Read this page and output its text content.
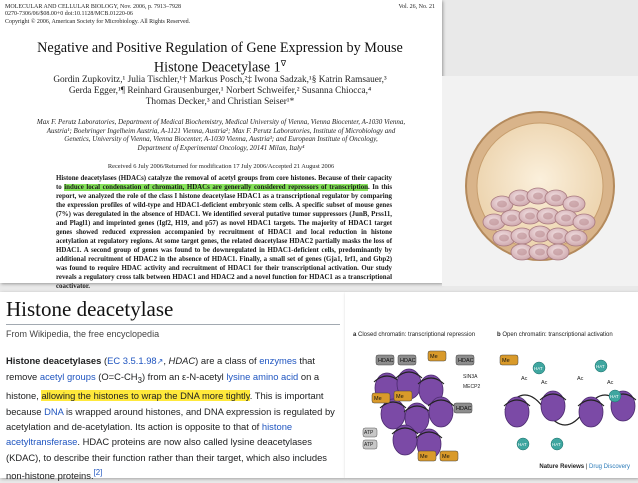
MOLECULAR AND CELLULAR BIOLOGY, Nov. 2006, p. 7913–7928
0270-7306/06/$08.00+0 doi:10.1128/MCB.01220-06
Copyright © 2006, American Society for Microbiology. All Rights Reserved.
Vol. 26, No. 21
Negative and Positive Regulation of Gene Expression by Mouse
Histone Deacetylase 1∇
Gordin Zupkovitz,¹ Julia Tischler,¹† Markus Posch,²‡ Iwona Sadzak,¹§ Katrin Ramsauer,³
Gerda Egger,¹¶ Reinhard Grausenburger,¹ Norbert Schweifer,² Susanna Chiocca,⁴
Thomas Decker,³ and Christian Seiser¹*
Max F. Perutz Laboratories, Department of Medical Biochemistry, Medical University of Vienna, Vienna Biocenter, A-1030 Vienna,
Austria¹; Boehringer Ingelheim Austria, A-1121 Vienna, Austria²; Max F. Perutz Laboratories, Institute of Microbiology and
Genetics, University of Vienna, Vienna Biocenter, A-1030 Vienna, Austria³; and European Institute of Oncology,
Department of Experimental Oncology, 20141 Milan, Italy⁴
Received 6 July 2006/Returned for modification 17 July 2006/Accepted 21 August 2006
Histone deacetylases (HDACs) catalyze the removal of acetyl groups from core histones. Because of their capacity to induce local condensation of chromatin, HDACs are generally considered repressors of transcription. In this report, we analyzed the role of the class I histone deacetylase HDAC1 as a transcriptional regulator by comparing the expression profiles of wild-type and HDAC1-deficient embryonic stem cells. A specific subset of mouse genes (7%) was deregulated in the absence of HDAC1. We identified several putative tumor suppressors (JunB, Prss11, and Plagl1) and imprinted genes (Igf2, H19, and p57) as novel HDAC1 targets. The majority of HDAC1 target genes showed reduced expression accompanied by recruitment of HDAC1 and local reduction in histone acetylation at regulatory regions. At some target genes, the related deacetylase HDAC2 partially masks the loss of HDAC1. A second group of genes was found to be downregulated in HDAC1-deficient cells, predominantly by additional recruitment of HDAC2 in the absence of HDAC1. Finally, a small set of genes (Gja1, Irf1, and Gbp2) was found to require HDAC activity and recruitment of HDAC1 for their transcriptional activation. Our study reveals a regulatory cross talk between HDAC1 and HDAC2 and a novel function for HDAC1 as a transcriptional coactivator.
Histone deacetylase
From Wikipedia, the free encyclopedia
Histone deacetylases (EC 3.5.1.98↗, HDAC) are a class of enzymes that remove acetyl groups $(O=C-CH_3)$ from an ε-N-acetyl lysine amino acid on a histone, allowing the histones to wrap the DNA more tightly. This is important because DNA is wrapped around histones, and DNA expression is regulated by acetylation and de-acetylation. Its action is opposite to that of histone acetyltransferase. HDAC proteins are now also called lysine deacetylases (KDAC), to describe their function rather than their target, which also includes non-histone proteins.[2]
a Closed chromatin: transcriptional repression	b Open chromatin: transcriptional activation
HDAC HDAC
Me
Me	Me
HDAC
HDAC
Me	Me
ATP
ATP
SIN3A
MECP2
Me
Ac
Ac
Ac
Ac
HAT	HAT
HAT
HAT	HAT
Nature Reviews | Drug Discovery
